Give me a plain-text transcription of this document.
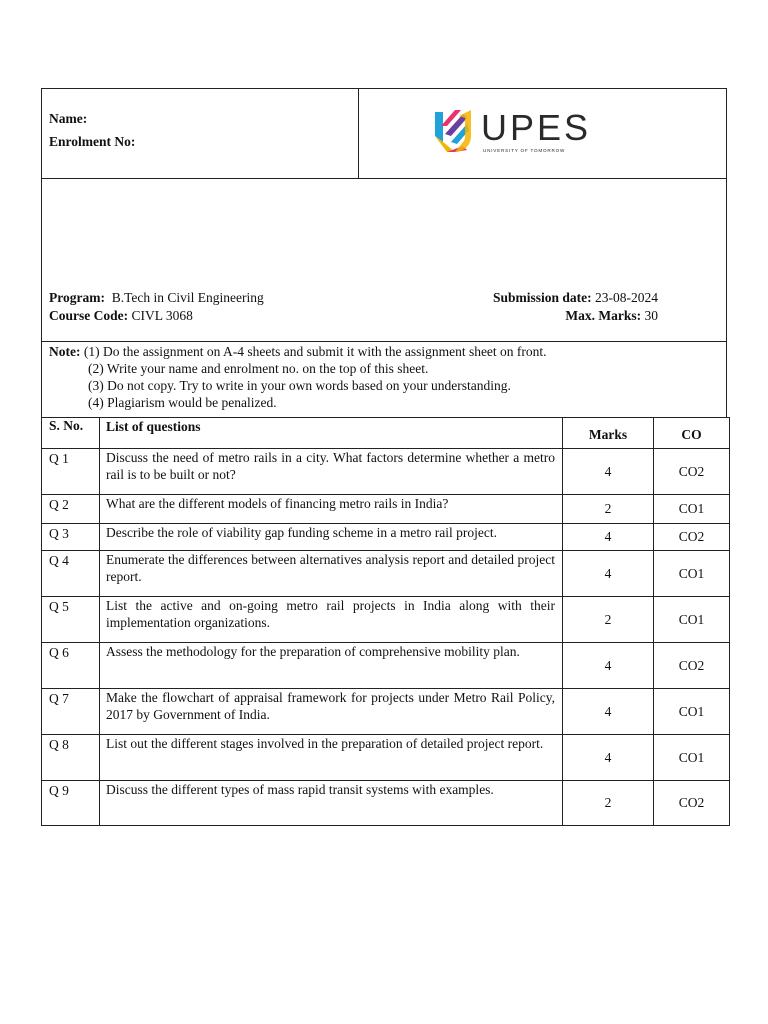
Name:
Enrolment No:	UPES
UNIVERSITY OF TOMORROW
Program: B.Tech in Civil Engineering	Submission date: 23-08-2024
Course Code: CIVL 3068	Max. Marks: 30
Note: (1) Do the assignment on A-4 sheets and submit it with the assignment sheet on front.
(2) Write your name and enrolment no. on the top of this sheet.
(3) Do not copy. Try to write in your own words based on your understanding.
(4) Plagiarism would be penalized.
S. No.	List of questions	Marks	CO
Q 1	Discuss the need of metro rails in a city. What factors determine whether a metro rail is to be built or not?	4	CO2
Q 2	What are the different models of financing metro rails in India?	2	CO1
Q 3	Describe the role of viability gap funding scheme in a metro rail project.	4	CO2
Q 4	Enumerate the differences between alternatives analysis report and detailed project report.	4	CO1
Q 5	List the active and on-going metro rail projects in India along with their implementation organizations.	2	CO1
Q 6	Assess the methodology for the preparation of comprehensive mobility plan.	4	CO2
Q 7	Make the flowchart of appraisal framework for projects under Metro Rail Policy, 2017 by Government of India.	4	CO1
Q 8	List out the different stages involved in the preparation of detailed project report.	4	CO1
Q 9	Discuss the different types of mass rapid transit systems with examples.	2	CO2
